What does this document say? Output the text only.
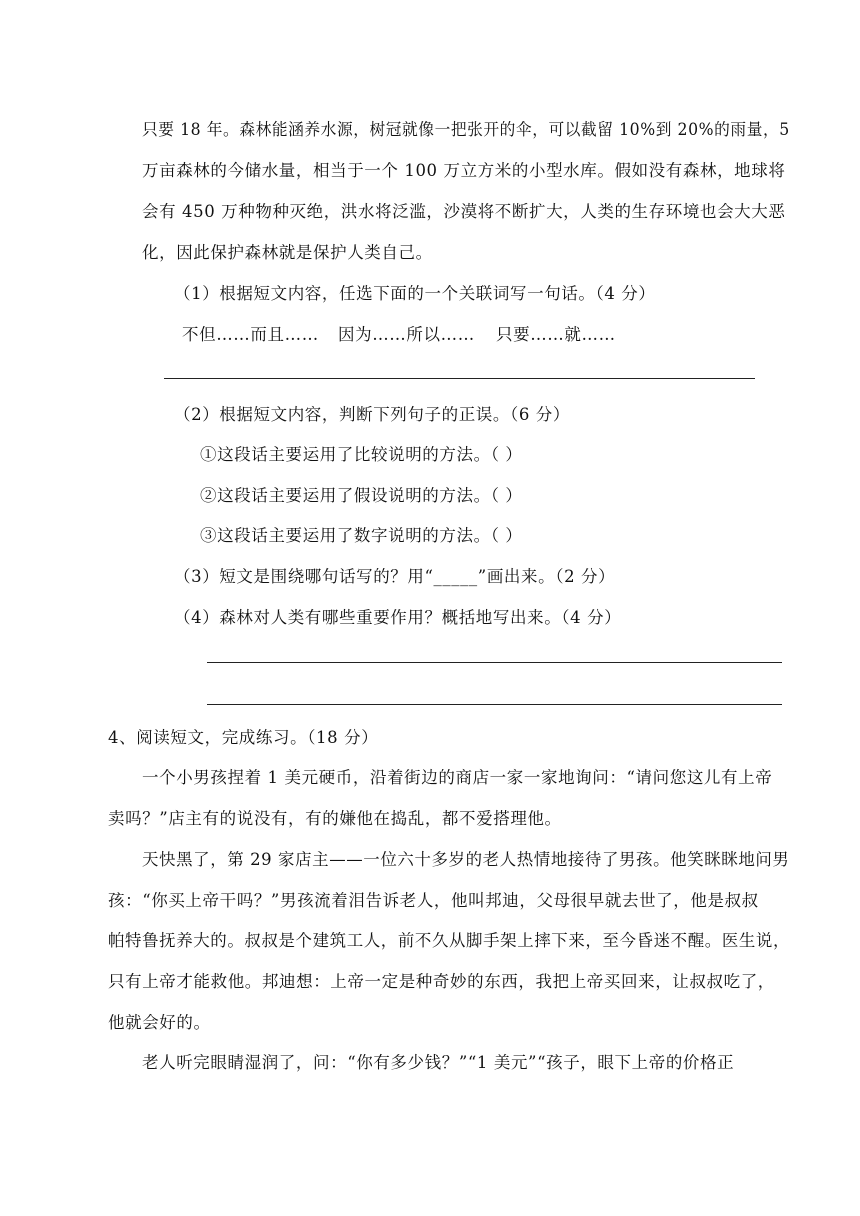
只要 18 年。森林能涵养水源，树冠就像一把张开的伞，可以截留 10%到 20%的雨量，5
万亩森林的今储水量，相当于一个 100 万立方米的小型水库。假如没有森林，地球将
会有 450 万种物种灭绝，洪水将泛滥，沙漠将不断扩大，人类的生存环境也会大大恶
化，因此保护森林就是保护人类自己。
（1）根据短文内容，任选下面的一个关联词写一句话。（4 分）
不但……而且…… 因为……所以…… 只要……就……
（2）根据短文内容，判断下列句子的正误。（6 分）
①这段话主要运用了比较说明的方法。（ ）
②这段话主要运用了假设说明的方法。（ ）
③这段话主要运用了数字说明的方法。（ ）
（3）短文是围绕哪句话写的？用“_____”画出来。（2 分）
（4）森林对人类有哪些重要作用？概括地写出来。（4 分）
4、阅读短文，完成练习。（18 分）
一个小男孩捏着 1 美元硬币，沿着街边的商店一家一家地询问：“请问您这儿有上帝
卖吗？”店主有的说没有，有的嫌他在捣乱，都不爱搭理他。
天快黑了，第 29 家店主——一位六十多岁的老人热情地接待了男孩。他笑眯眯地问男
孩：“你买上帝干吗？”男孩流着泪告诉老人，他叫邦迪，父母很早就去世了，他是叔叔
帕特鲁抚养大的。叔叔是个建筑工人，前不久从脚手架上摔下来，至今昏迷不醒。医生说，
只有上帝才能救他。邦迪想：上帝一定是种奇妙的东西，我把上帝买回来，让叔叔吃了，
他就会好的。
老人听完眼睛湿润了，问：“你有多少钱？”“1 美元”“孩子，眼下上帝的价格正
